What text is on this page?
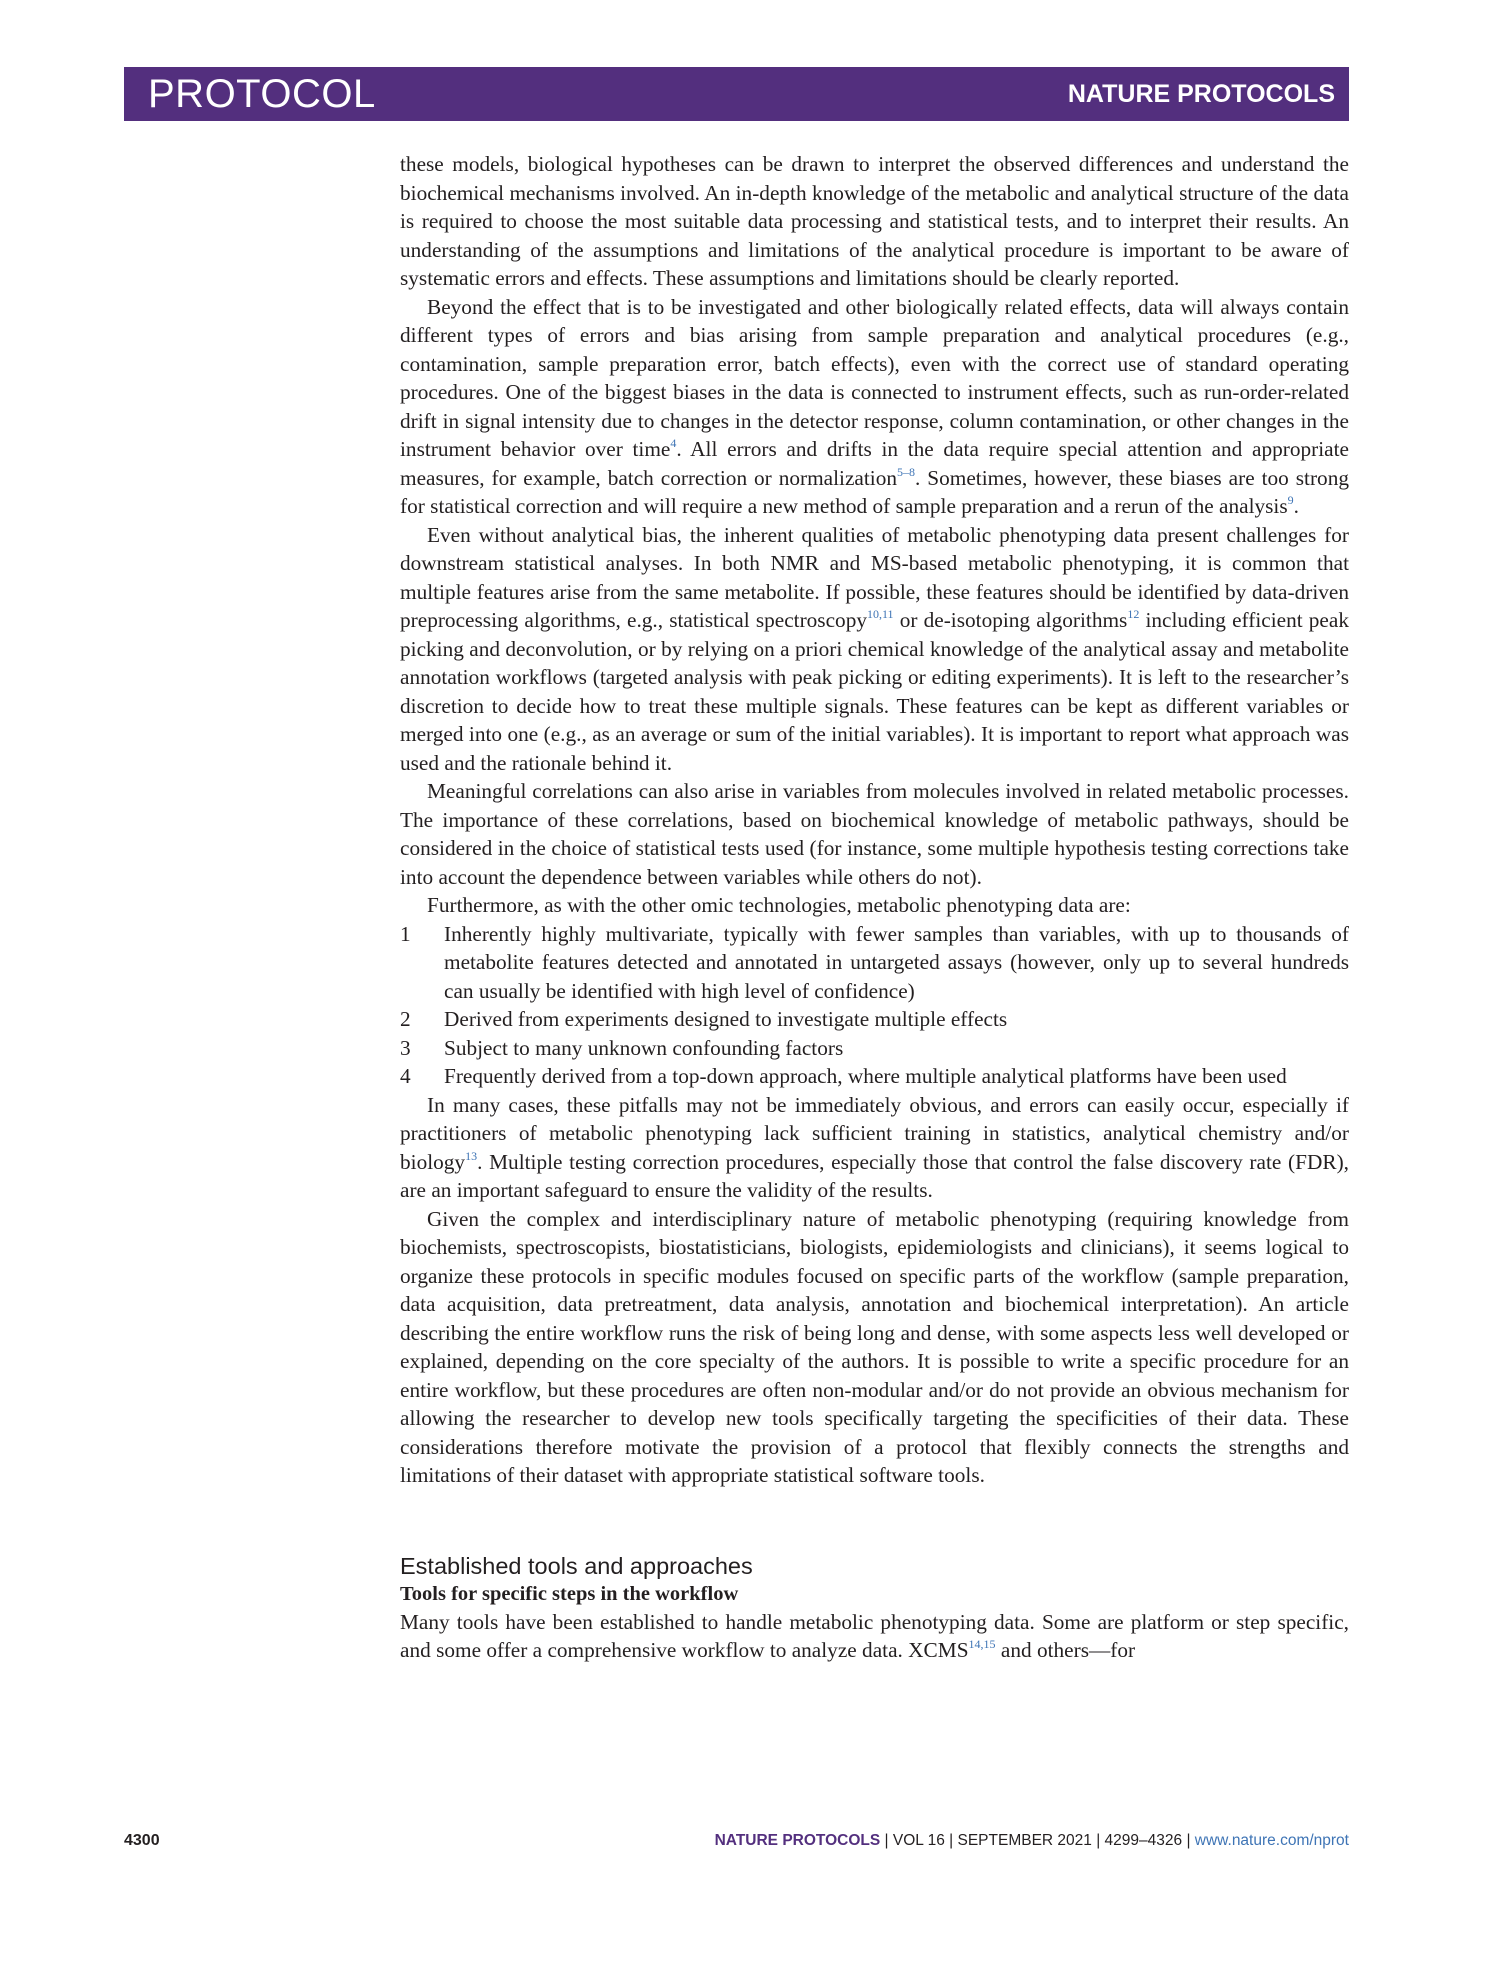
PROTOCOL	NATURE PROTOCOLS

these models, biological hypotheses can be drawn to interpret the observed differences and understand the biochemical mechanisms involved. An in-depth knowledge of the metabolic and analytical structure of the data is required to choose the most suitable data processing and statistical tests, and to interpret their results. An understanding of the assumptions and limitations of the analytical procedure is important to be aware of systematic errors and effects. These assumptions and limitations should be clearly reported.

Beyond the effect that is to be investigated and other biologically related effects, data will always contain different types of errors and bias arising from sample preparation and analytical procedures (e.g., contamination, sample preparation error, batch effects), even with the correct use of standard operating procedures. One of the biggest biases in the data is connected to instrument effects, such as run-order-related drift in signal intensity due to changes in the detector response, column contamination, or other changes in the instrument behavior over time$^4$. All errors and drifts in the data require special attention and appropriate measures, for example, batch correction or normalization$^{5-8}$. Sometimes, however, these biases are too strong for statistical correction and will require a new method of sample preparation and a rerun of the analysis$^9$.

Even without analytical bias, the inherent qualities of metabolic phenotyping data present challenges for downstream statistical analyses. In both NMR and MS-based metabolic phenotyping, it is common that multiple features arise from the same metabolite. If possible, these features should be identified by data-driven preprocessing algorithms, e.g., statistical spectroscopy$^{10,11}$ or de-isotoping algorithms$^{12}$ including efficient peak picking and deconvolution, or by relying on a priori chemical knowledge of the analytical assay and metabolite annotation workflows (targeted analysis with peak picking or editing experiments). It is left to the researcher’s discretion to decide how to treat these multiple signals. These features can be kept as different variables or merged into one (e.g., as an average or sum of the initial variables). It is important to report what approach was used and the rationale behind it.

Meaningful correlations can also arise in variables from molecules involved in related metabolic processes. The importance of these correlations, based on biochemical knowledge of metabolic pathways, should be considered in the choice of statistical tests used (for instance, some multiple hypothesis testing corrections take into account the dependence between variables while others do not).

Furthermore, as with the other omic technologies, metabolic phenotyping data are:

1 Inherently highly multivariate, typically with fewer samples than variables, with up to thousands of metabolite features detected and annotated in untargeted assays (however, only up to several hundreds can usually be identified with high level of confidence)
2 Derived from experiments designed to investigate multiple effects
3 Subject to many unknown confounding factors
4 Frequently derived from a top-down approach, where multiple analytical platforms have been used

In many cases, these pitfalls may not be immediately obvious, and errors can easily occur, especially if practitioners of metabolic phenotyping lack sufficient training in statistics, analytical chemistry and/or biology$^{13}$. Multiple testing correction procedures, especially those that control the false discovery rate (FDR), are an important safeguard to ensure the validity of the results.

Given the complex and interdisciplinary nature of metabolic phenotyping (requiring knowledge from biochemists, spectroscopists, biostatisticians, biologists, epidemiologists and clinicians), it seems logical to organize these protocols in specific modules focused on specific parts of the workflow (sample preparation, data acquisition, data pretreatment, data analysis, annotation and biochemical interpretation). An article describing the entire workflow runs the risk of being long and dense, with some aspects less well developed or explained, depending on the core specialty of the authors. It is possible to write a specific procedure for an entire workflow, but these procedures are often non-modular and/or do not provide an obvious mechanism for allowing the researcher to develop new tools specifically targeting the specificities of their data. These considerations therefore motivate the provision of a protocol that flexibly connects the strengths and limitations of their dataset with appropriate statistical software tools.

Established tools and approaches
Tools for specific steps in the workflow

Many tools have been established to handle metabolic phenotyping data. Some are platform or step specific, and some offer a comprehensive workflow to analyze data. XCMS$^{14,15}$ and others—for

4300	NATURE PROTOCOLS | VOL 16 | SEPTEMBER 2021 | 4299–4326 | www.nature.com/nprot
